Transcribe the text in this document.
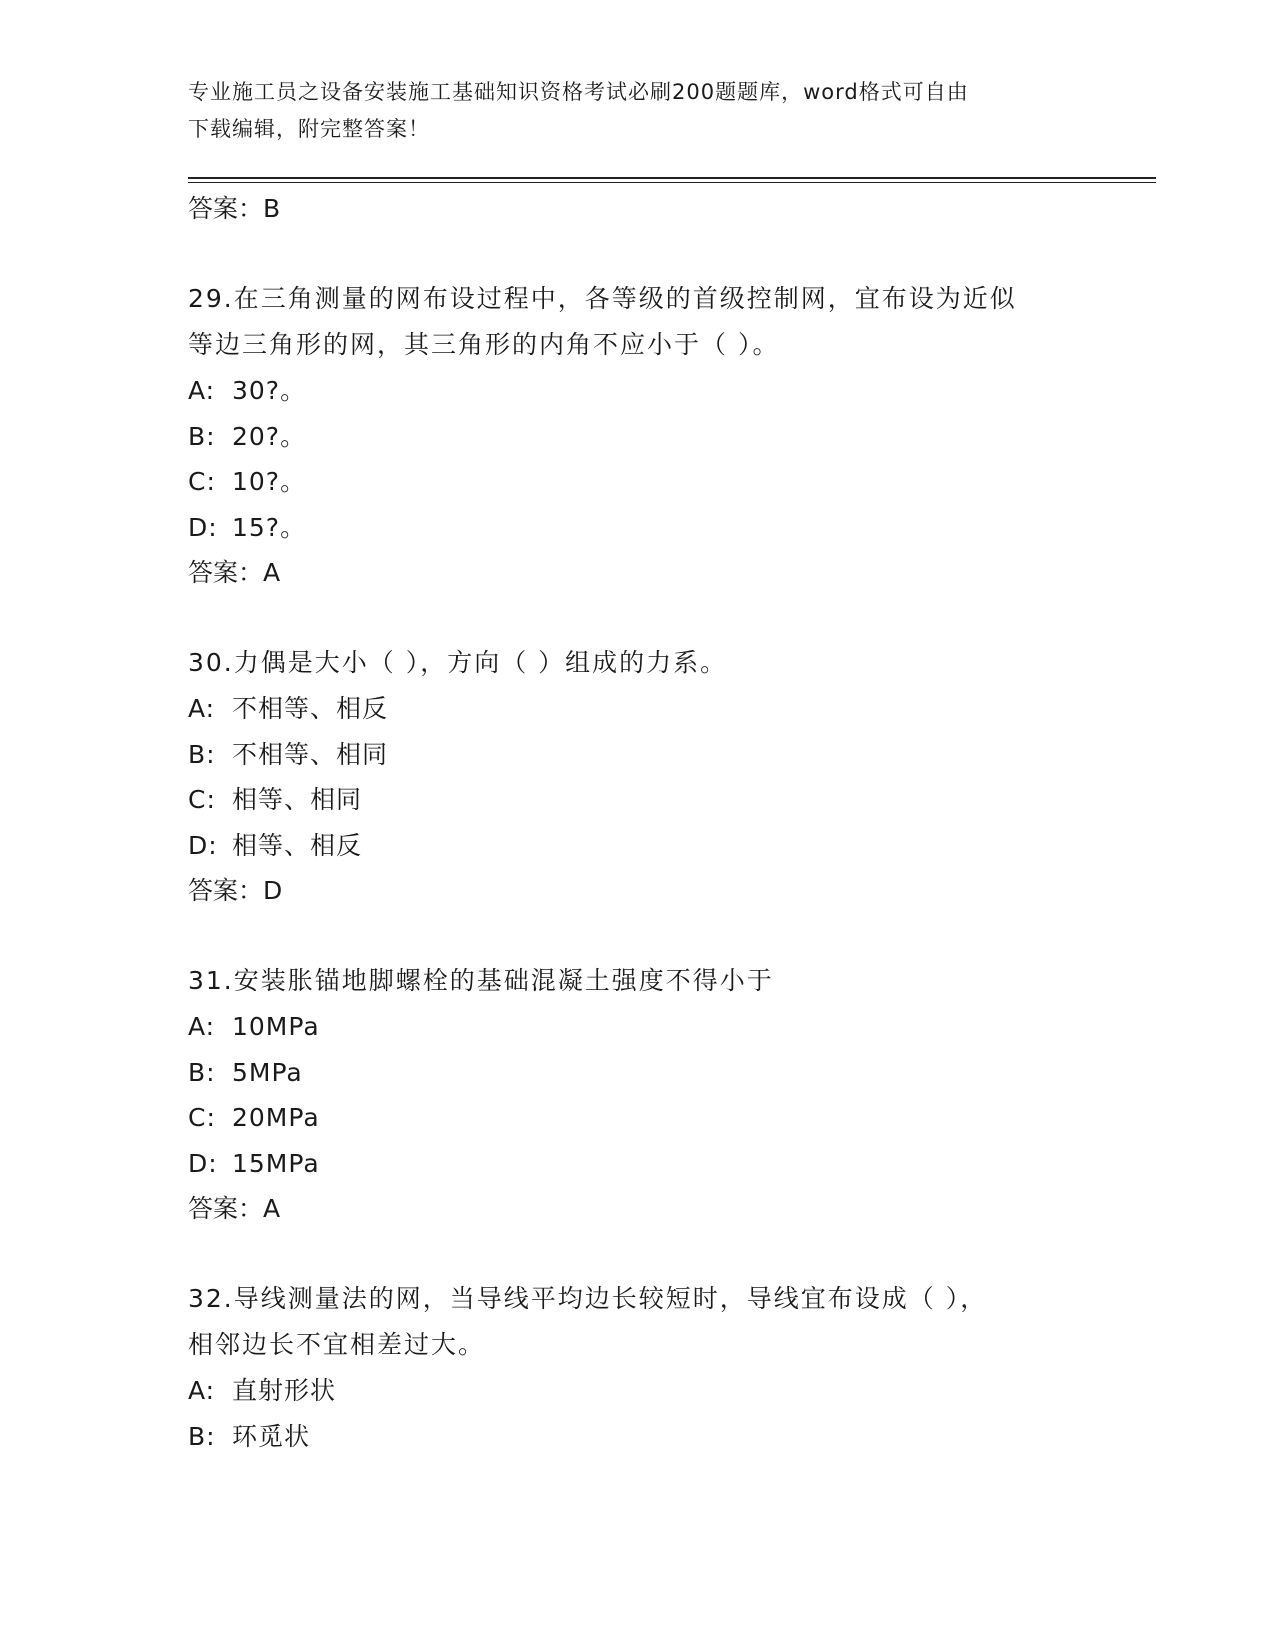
专业施工员之设备安装施工基础知识资格考试必刷200题题库，word格式可自由
下载编辑，附完整答案！
答案：B
29.在三角测量的网布设过程中，各等级的首级控制网，宜布设为近似
等边三角形的网，其三角形的内角不应小于（ ）。
A: 30?。
B: 20?。
C: 10?。
D: 15?。
答案：A
30.力偶是大小（ ），方向（ ）组成的力系。
A: 不相等、相反
B: 不相等、相同
C: 相等、相同
D: 相等、相反
答案：D
31.安装胀锚地脚螺栓的基础混凝土强度不得小于
A: 10MPa
B: 5MPa
C: 20MPa
D: 15MPa
答案：A
32.导线测量法的网，当导线平均边长较短时，导线宜布设成（ ），
相邻边长不宜相差过大。
A: 直射形状
B: 环觅状
